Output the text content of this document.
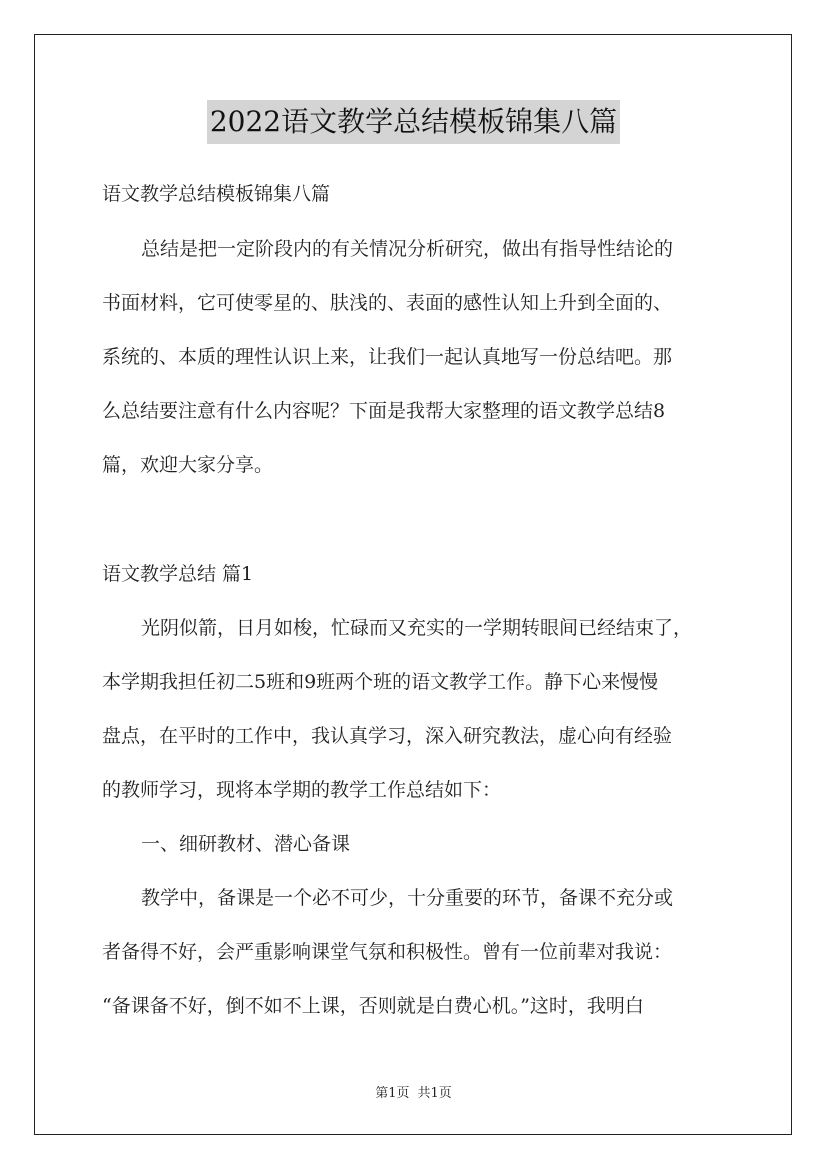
2022语文教学总结模板锦集八篇
语文教学总结模板锦集八篇
总结是把一定阶段内的有关情况分析研究，做出有指导性结论的
书面材料，它可使零星的、肤浅的、表面的感性认知上升到全面的、
系统的、本质的理性认识上来，让我们一起认真地写一份总结吧。那
么总结要注意有什么内容呢？下面是我帮大家整理的语文教学总结8
篇，欢迎大家分享。
语文教学总结 篇1
光阴似箭，日月如梭，忙碌而又充实的一学期转眼间已经结束了，
本学期我担任初二5班和9班两个班的语文教学工作。静下心来慢慢
盘点，在平时的工作中，我认真学习，深入研究教法，虚心向有经验
的教师学习，现将本学期的教学工作总结如下：
一、细研教材、潜心备课
教学中，备课是一个必不可少，十分重要的环节，备课不充分或
者备得不好，会严重影响课堂气氛和积极性。曾有一位前辈对我说：
“备课备不好，倒不如不上课，否则就是白费心机。”这时，我明白
第1页 共1页
